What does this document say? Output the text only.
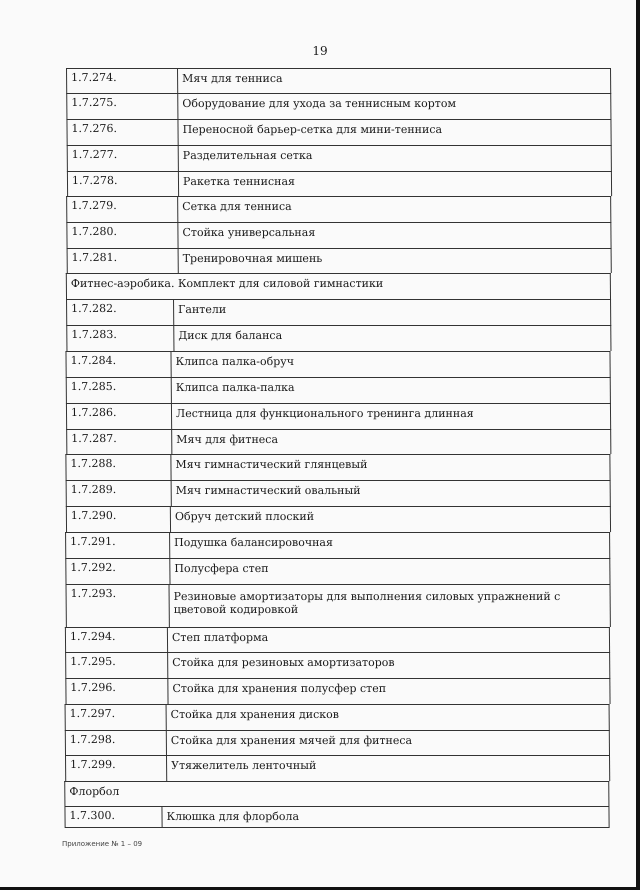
19
1.7.274.	Мяч для тенниса
1.7.275.	Оборудование для ухода за теннисным кортом
1.7.276.	Переносной барьер-сетка для мини-тенниса
1.7.277.	Разделительная сетка
1.7.278.	Ракетка теннисная
1.7.279.	Сетка для тенниса
1.7.280.	Стойка универсальная
1.7.281.	Тренировочная мишень
Фитнес-аэробика. Комплект для силовой гимнастики
1.7.282.	Гантели
1.7.283.	Диск для баланса
1.7.284.	Клипса палка-обруч
1.7.285.	Клипса палка-палка
1.7.286.	Лестница для функционального тренинга длинная
1.7.287.	Мяч для фитнеса
1.7.288.	Мяч гимнастический глянцевый
1.7.289.	Мяч гимнастический овальный
1.7.290.	Обруч детский плоский
1.7.291.	Подушка балансировочная
1.7.292.	Полусфера степ
1.7.293.	Резиновые амортизаторы для выполнения силовых упражнений с цветовой кодировкой
1.7.294.	Степ платформа
1.7.295.	Стойка для резиновых амортизаторов
1.7.296.	Стойка для хранения полусфер степ
1.7.297.	Стойка для хранения дисков
1.7.298.	Стойка для хранения мячей для фитнеса
1.7.299.	Утяжелитель ленточный
Флорбол
1.7.300.	Клюшка для флорбола
Приложение № 1 – 09
